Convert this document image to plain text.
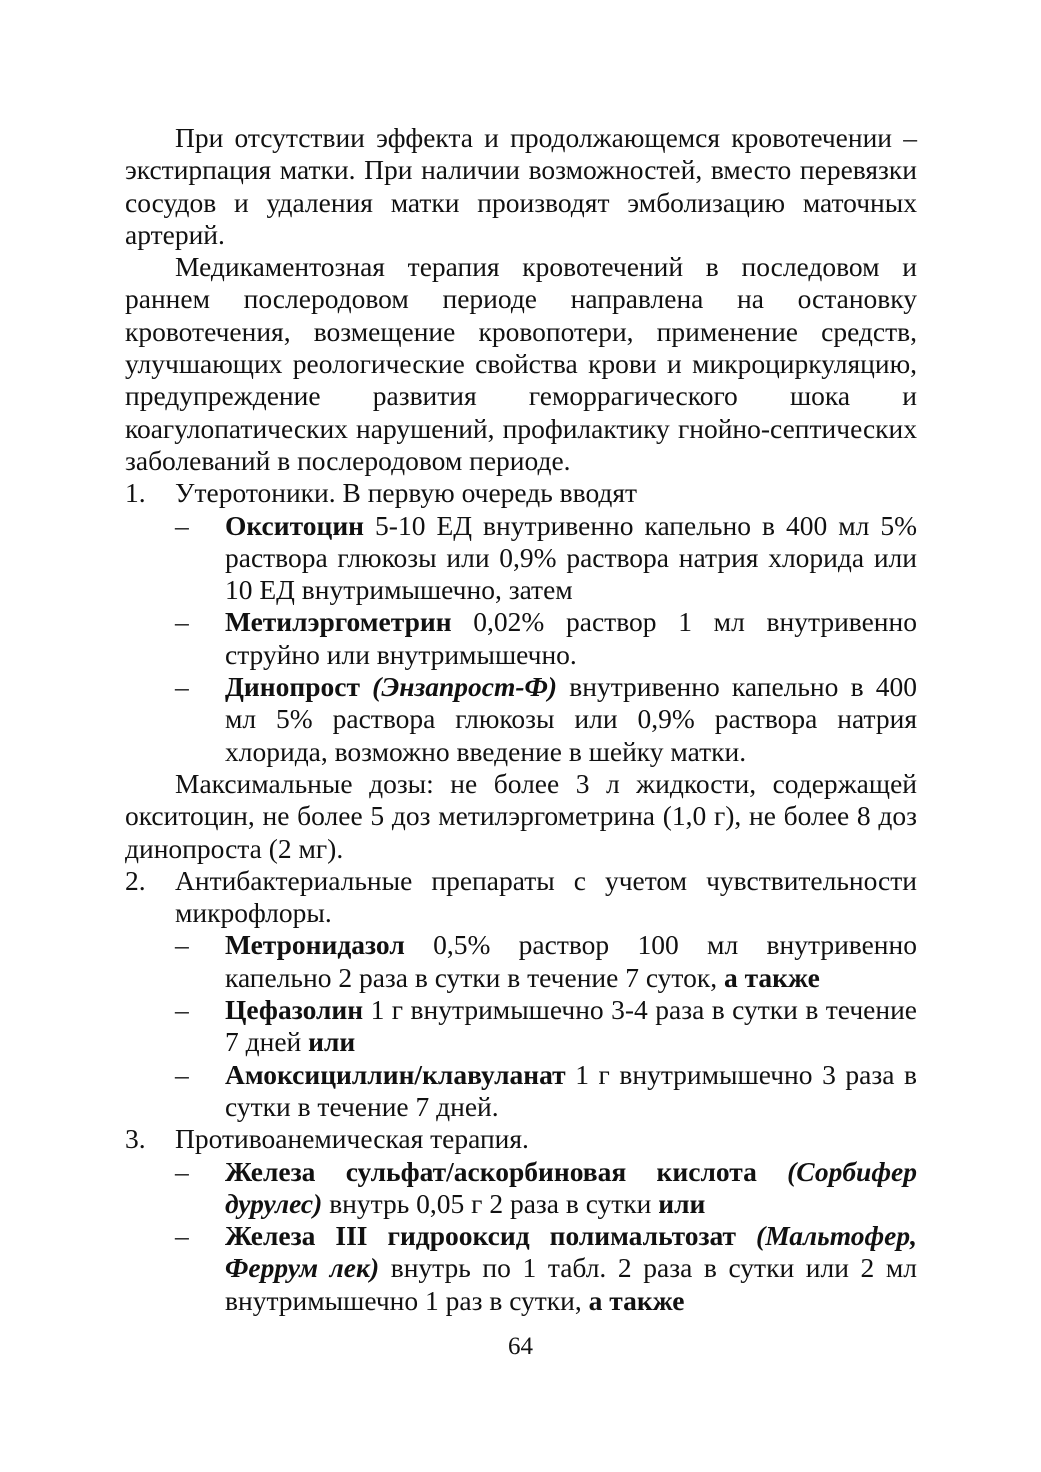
При отсутствии эффекта и продолжающемся кровотечении – экстирпация матки. При наличии возможностей, вместо перевязки сосудов и удаления матки производят эмболизацию маточных артерий.

Медикаментозная терапия кровотечений в последовом и раннем послеродовом периоде направлена на остановку кровотечения, возмещение кровопотери, применение средств, улучшающих реологические свойства крови и микроциркуляцию, предупреждение развития геморрагического шока и коагулопатических нарушений, профилактику гнойно-септических заболеваний в послеродовом периоде.

1.	Утеротоники. В первую очередь вводят
–	Окситоцин 5-10 ЕД внутривенно капельно в 400 мл 5% раствора глюкозы или 0,9% раствора натрия хлорида или 10 ЕД внутримышечно, затем
–	Метилэргометрин 0,02% раствор 1 мл внутривенно струйно или внутримышечно.
–	Динопрост (Энзапрост-Ф) внутривенно капельно в 400 мл 5% раствора глюкозы или 0,9% раствора натрия хлорида, возможно введение в шейку матки.

Максимальные дозы: не более 3 л жидкости, содержащей окситоцин, не более 5 доз метилэргометрина (1,0 г), не более 8 доз динопроста (2 мг).

2.	Антибактериальные препараты с учетом чувствительности микрофлоры.
–	Метронидазол 0,5% раствор 100 мл внутривенно капельно 2 раза в сутки в течение 7 суток, а также
–	Цефазолин 1 г внутримышечно 3-4 раза в сутки в течение 7 дней или
–	Амоксициллин/клавуланат 1 г внутримышечно 3 раза в сутки в течение 7 дней.
3.	Противоанемическая терапия.
–	Железа сульфат/аскорбиновая кислота (Сорбифер дурулес) внутрь 0,05 г 2 раза в сутки или
–	Железа III гидрооксид полимальтозат (Мальтофер, Феррум лек) внутрь по 1 табл. 2 раза в сутки или 2 мл внутримышечно 1 раз в сутки, а также
64
